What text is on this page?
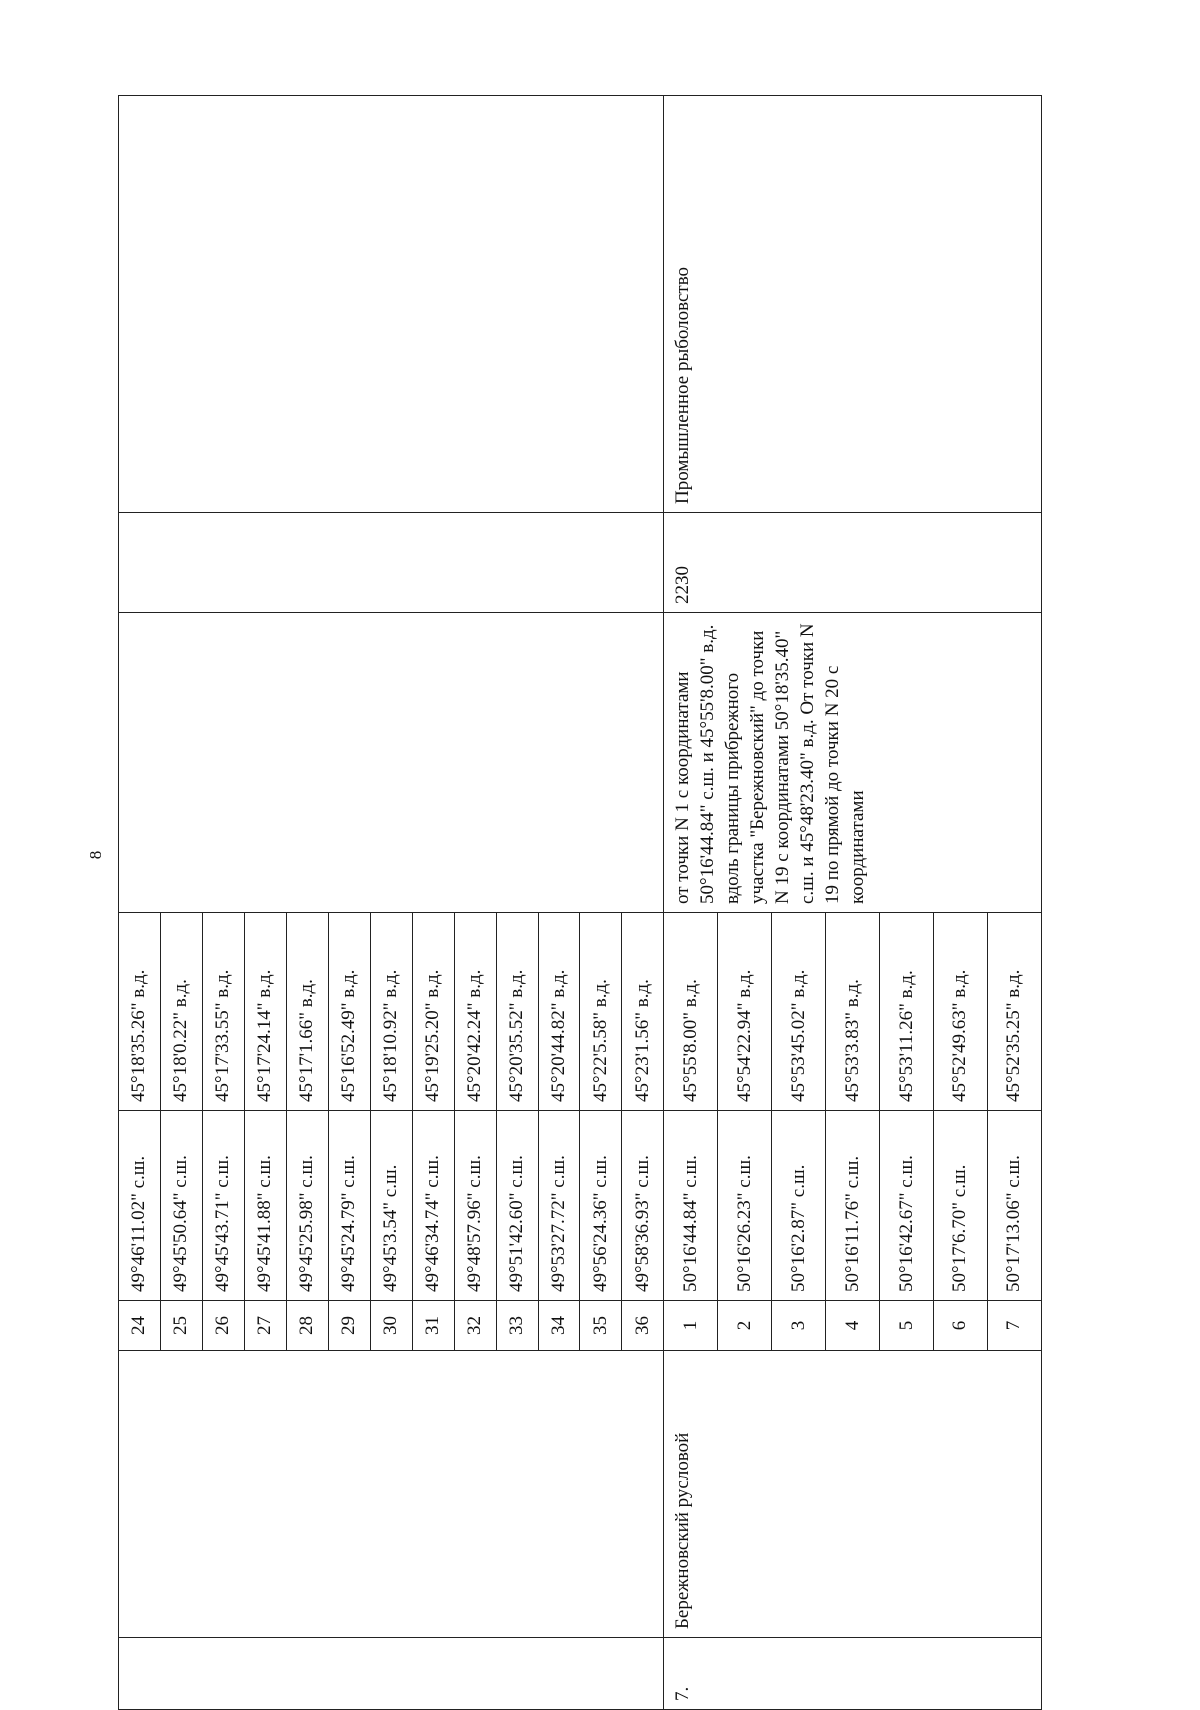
8
		24	49°46'11.02" с.ш.	45°18'35.26" в.д.			
		25	49°45'50.64" с.ш.	45°18'0.22" в.д.			
		26	49°45'43.71" с.ш.	45°17'33.55" в.д.			
		27	49°45'41.88" с.ш.	45°17'24.14" в.д.			
		28	49°45'25.98" с.ш.	45°17'1.66" в.д.			
		29	49°45'24.79" с.ш.	45°16'52.49" в.д.			
		30	49°45'3.54" с.ш.	45°18'10.92" в.д.			
		31	49°46'34.74" с.ш.	45°19'25.20" в.д.			
		32	49°48'57.96" с.ш.	45°20'42.24" в.д.			
		33	49°51'42.60" с.ш.	45°20'35.52" в.д.			
		34	49°53'27.72" с.ш.	45°20'44.82" в.д.			
		35	49°56'24.36" с.ш.	45°22'5.58" в.д.			
		36	49°58'36.93" с.ш.	45°23'1.56" в.д.			
7.	Бережновский русловой	1	50°16'44.84" с.ш.	45°55'8.00" в.д.	от точки N 1 с координатами 50°16'44.84" с.ш. и 45°55'8.00" в.д. вдоль границы прибрежного участка "Бережновский" до точки N 19 с координатами 50°18'35.40" с.ш. и 45°48'23.40" в.д. От точки N 19 по прямой до точки N 20 с координатами	2230	Промышленное рыболовство
		2	50°16'26.23" с.ш.	45°54'22.94" в.д.			
		3	50°16'2.87" с.ш.	45°53'45.02" в.д.			
		4	50°16'11.76" с.ш.	45°53'3.83" в.д.			
		5	50°16'42.67" с.ш.	45°53'11.26" в.д.			
		6	50°17'6.70" с.ш.	45°52'49.63" в.д.			
		7	50°17'13.06" с.ш.	45°52'35.25" в.д.			
